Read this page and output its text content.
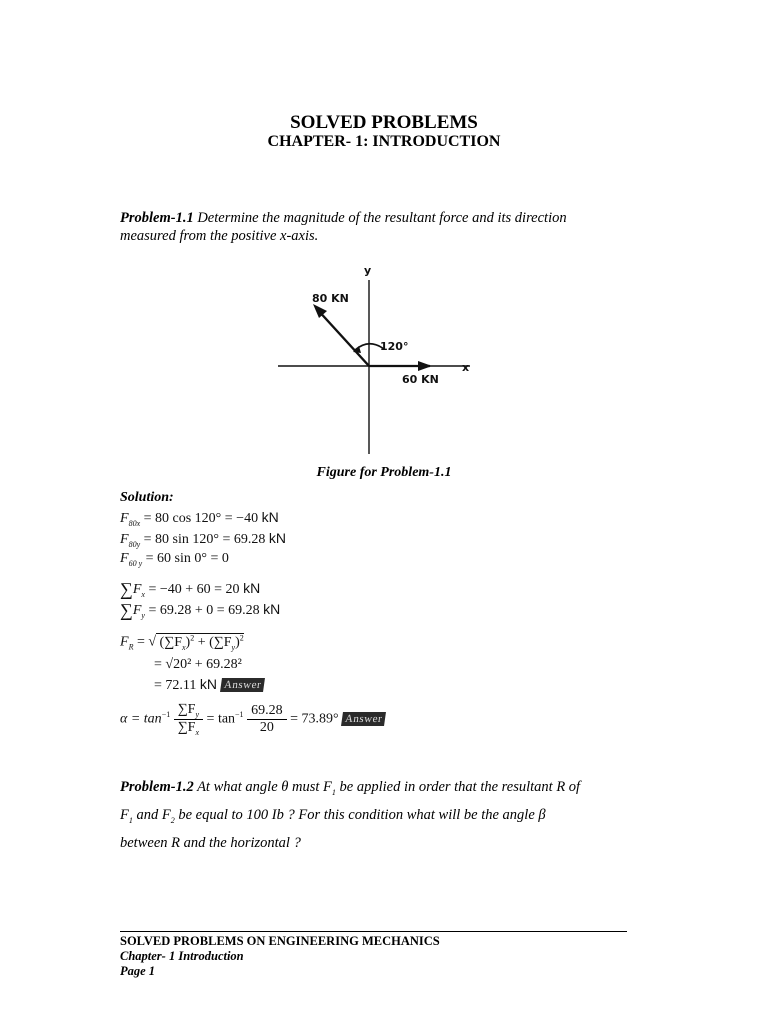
SOLVED PROBLEMS
CHAPTER- 1: INTRODUCTION
Problem-1.1 Determine the magnitude of the resultant force and its direction
measured from the positive x-axis.
y
x
80 KN
60 KN
120°
Figure for Problem-1.1
Solution:
$F_{80x} = 80$ cos 120° = −40 kN
$F_{80y} = 80$ sin 120° = 69.28 kN
$F_{60 y} = 60$ sin 0° = 0
$\sum F_x = -40 + 60 = 20$ kN
$\sum F_y = 69.28 + 0 = 69.28$ kN
$F_R$ = √ $(\sum F_x)^2 + (\sum F_y)^2$
= √20² + 69.28²
= 72.11 kN Answer
$\alpha = \tan^{-1} \frac{\sum F_y}{\sum F_x} = \tan^{-1} \frac{69.28}{20} = 73.89^\circ$ Answer
Problem-1.2 At what angle θ must $F_1$ be applied in order that the resultant R of
$F_1$ and $F_2$ be equal to 100 Ib ? For this condition what will be the angle β
between R and the horizontal ?
SOLVED PROBLEMS ON ENGINEERING MECHANICS
Chapter- 1 Introduction
Page 1
